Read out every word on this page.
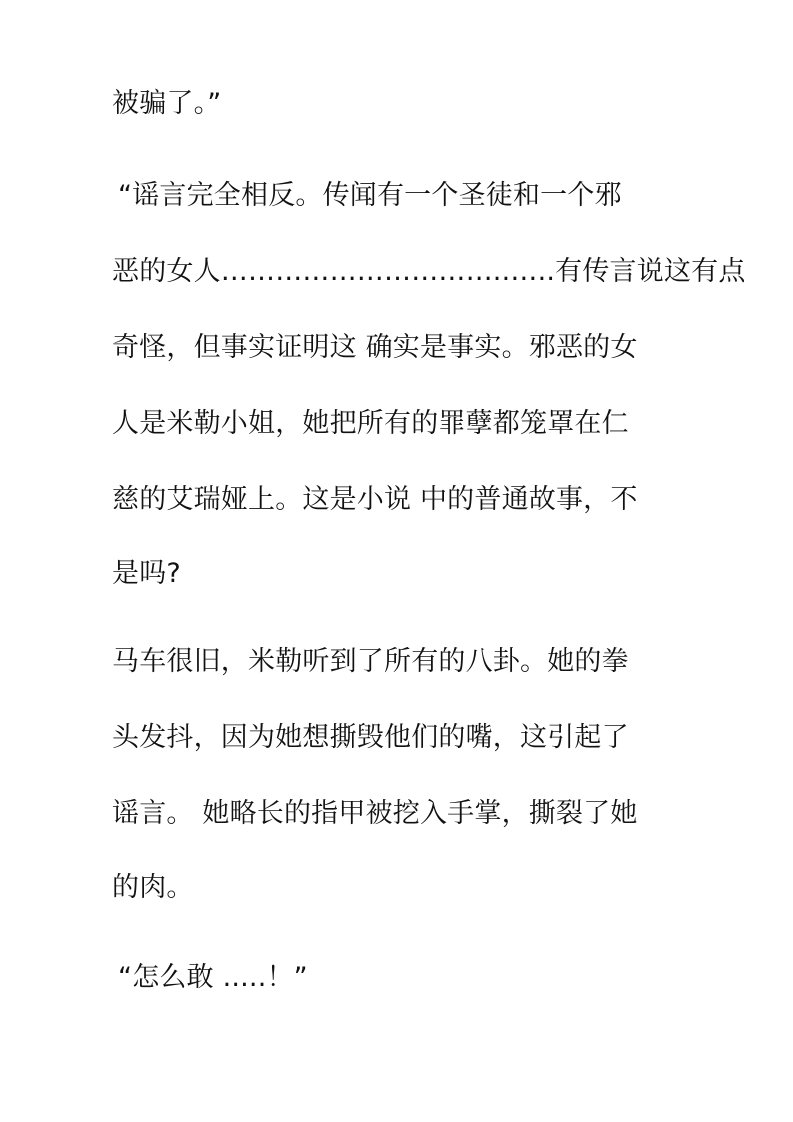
被骗了。”

“谣言完全相反。传闻有一个圣徒和一个邪

恶的女人…………………………..…..有传言说这有点

奇怪，但事实证明这 确实是事实。邪恶的女

人是米勒小姐，她把所有的罪孽都笼罩在仁

慈的艾瑞娅上。这是小说 中的普通故事，不

是吗?

马车很旧，米勒听到了所有的八卦。她的拳

头发抖，因为她想撕毁他们的嘴，这引起了

谣言。 她略长的指甲被挖入手掌，撕裂了她

的肉。

“怎么敢 .....！”
